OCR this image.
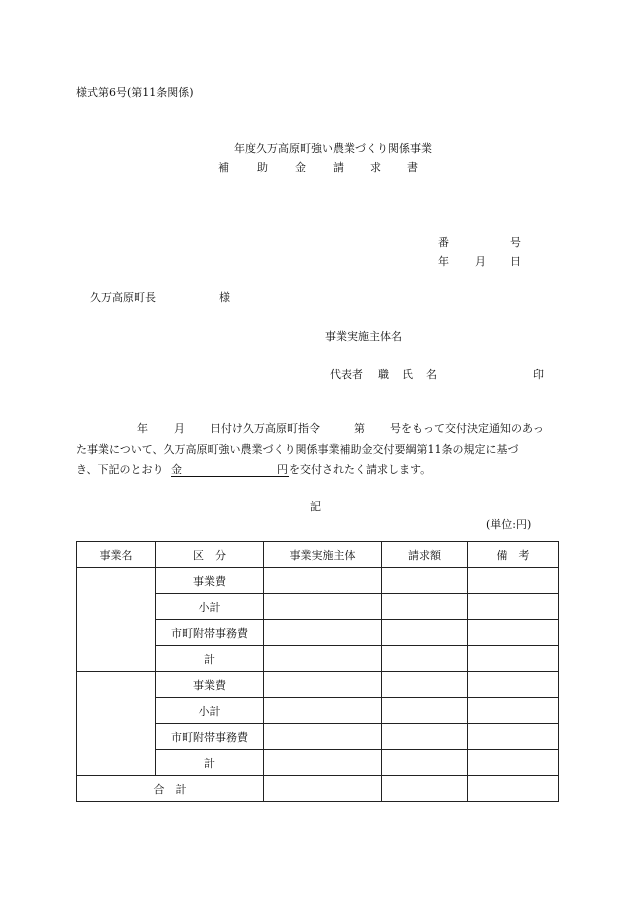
様式第6号(第11条関係)
年度久万高原町強い農業づくり関係事業
補	助 金 請 求 書
番	号
年 月 日
久万高原町長	様
事業実施主体名
代表者 職 氏 名	印
年 月 日付け久万高原町指令	第 号をもって交付決定通知のあっ
た事業について、久万高原町強い農業づくり関係事業補助金交付要綱第11条の規定に基づ
き、下記のとおり 金	円 を交付されたく請求します。
記
(単位:円)
事業名	区　分	事業実施主体	請求額	備　考
	事業費			
	小計			
	市町附帯事務費			
	計			
	事業費			
	小計			
	市町附帯事務費			
	計			
合　計				
